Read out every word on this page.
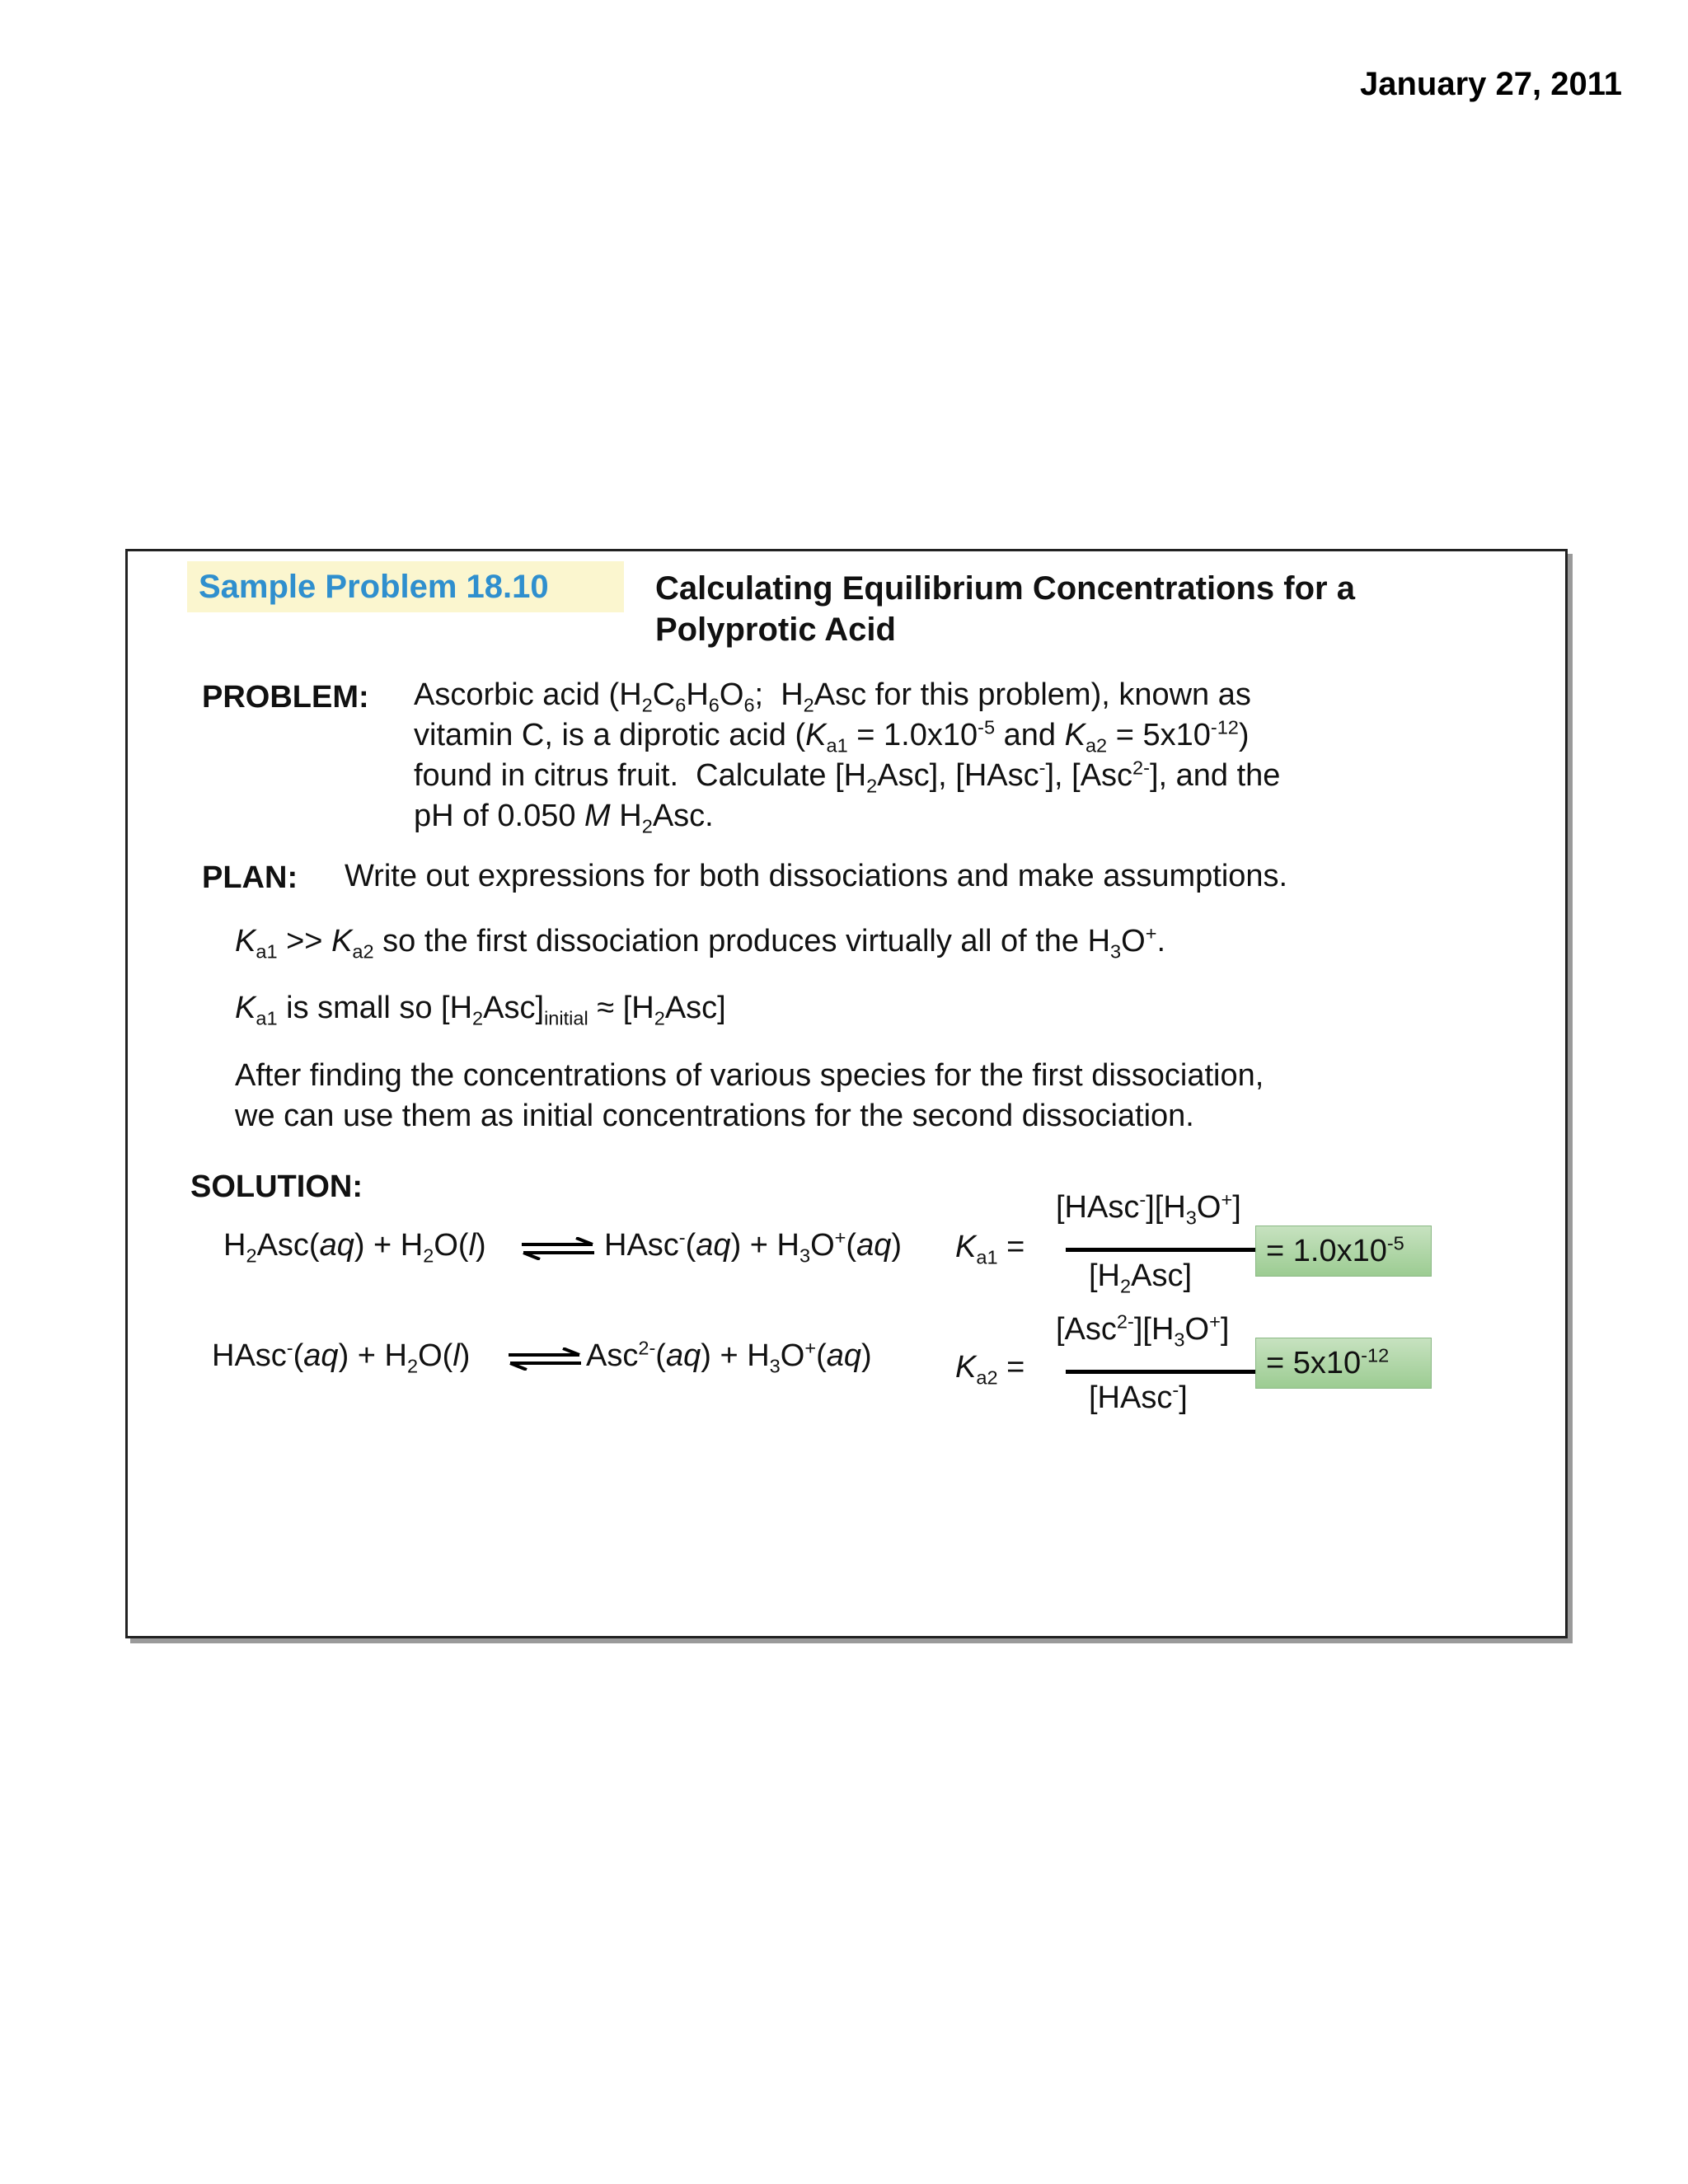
January 27, 2011
Sample Problem 18.10	Calculating Equilibrium Concentrations for a
Polyprotic Acid
PROBLEM: Ascorbic acid ($H_2C_6H_6O_6$;  $H_2Asc$ for this problem), known as
vitamin C, is a diprotic acid ($K_{a1} = 1.0x10^{-5}$ and $K_{a2} = 5x10^{-12}$)
found in citrus fruit.  Calculate $[H_2Asc]$, [HAsc-], [Asc$^{2-}$], and the
pH of 0.050 M $H_2Asc$.
PLAN: Write out expressions for both dissociations and make assumptions.
$K_{a1} >> K_{a2}$ so the first dissociation produces virtually all of the $H_3O^+$.
$K_{a1}$ is small so $[H_2Asc]_{initial} \approx [H_2Asc]$
After finding the concentrations of various species for the first dissociation,
we can use them as initial concentrations for the second dissociation.
SOLUTION:
$H_2Asc(aq) + H_2O(l)$	HAsc-(aq) + $H_3O^+(aq) K_{a1}$ =
$[HAsc^-][H_3O^+]$
$[H_2Asc]$
= $1.0x10^{-5}$
HAsc-(aq) + $H_2O(l)$	$Asc^{2-}(aq) + H_3O^+(aq)$	$K_{a2}$ =
$[Asc^{2-}][H_3O^+]$
[HAsc-]
= $5x10^{-12}$
